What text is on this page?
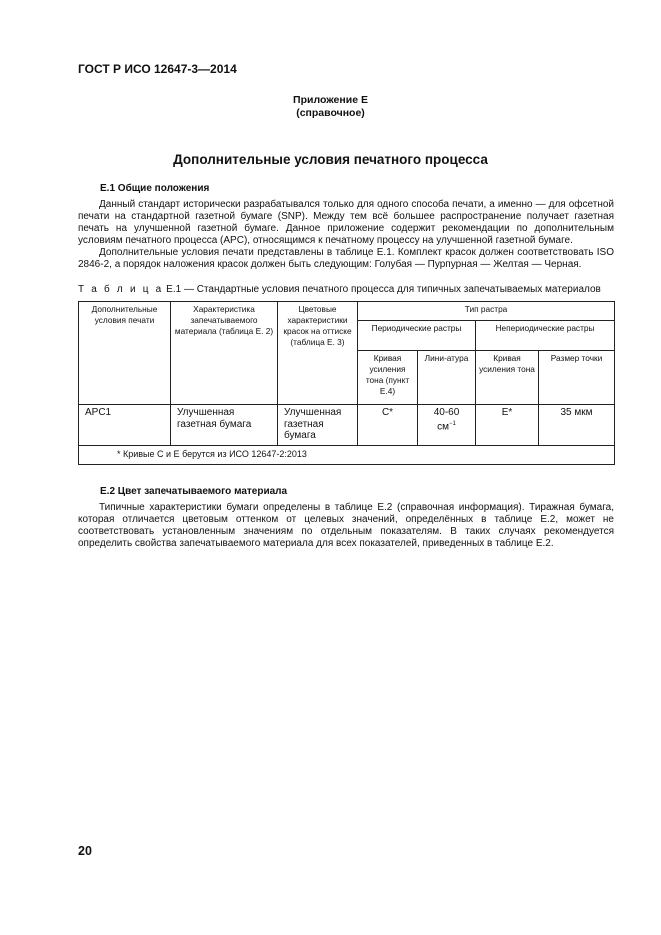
ГОСТ Р ИСО 12647-3—2014
Приложение Е
(справочное)
Дополнительные условия печатного процесса
Е.1 Общие положения

Данный стандарт исторически разрабатывался только для одного способа печати, а именно — для офсетной печати на стандартной газетной бумаге (SNP). Между тем всё большее распространение получает газетная печать на улучшенной газетной бумаге. Данное приложение содержит рекомендации по дополнительным условиям печатного процесса (APC), относящимся к печатному процессу на улучшенной газетной бумаге.

Дополнительные условия печати представлены в таблице Е.1. Комплект красок должен соответствовать ISO 2846-2, а порядок наложения красок должен быть следующим: Голубая — Пурпурная — Желтая — Черная.

Т а б л и ц а Е.1 — Стандартные условия печатного процесса для типичных запечатываемых материалов
Дополнительные условия печати	Характеристика запечатываемого материала (таблица Е. 2)	Цветовые характеристики красок на оттиске (таблица Е. 3)	Тип растра			
			Периодические растры		Непериодические растры	
			Кривая усиления тона (пункт Е.4)	Лини-атура	Кривая усиления тона	Размер точки
APC1	Улучшенная газетная бумага	Улучшенная газетная бумага	C*	40-60 $см^{-1}$	E*	35 мкм
* Кривые С и Е берутся из ИСО 12647-2:2013						
Е.2 Цвет запечатываемого материала

Типичные характеристики бумаги определены в таблице Е.2 (справочная информация). Тиражная бумага, которая отличается цветовым оттенком от целевых значений, определённых в таблице Е.2, может не соответствовать установленным значениям по отдельным показателям. В таких случаях рекомендуется определить свойства запечатываемого материала для всех показателей, приведенных в таблице Е.2.

20
